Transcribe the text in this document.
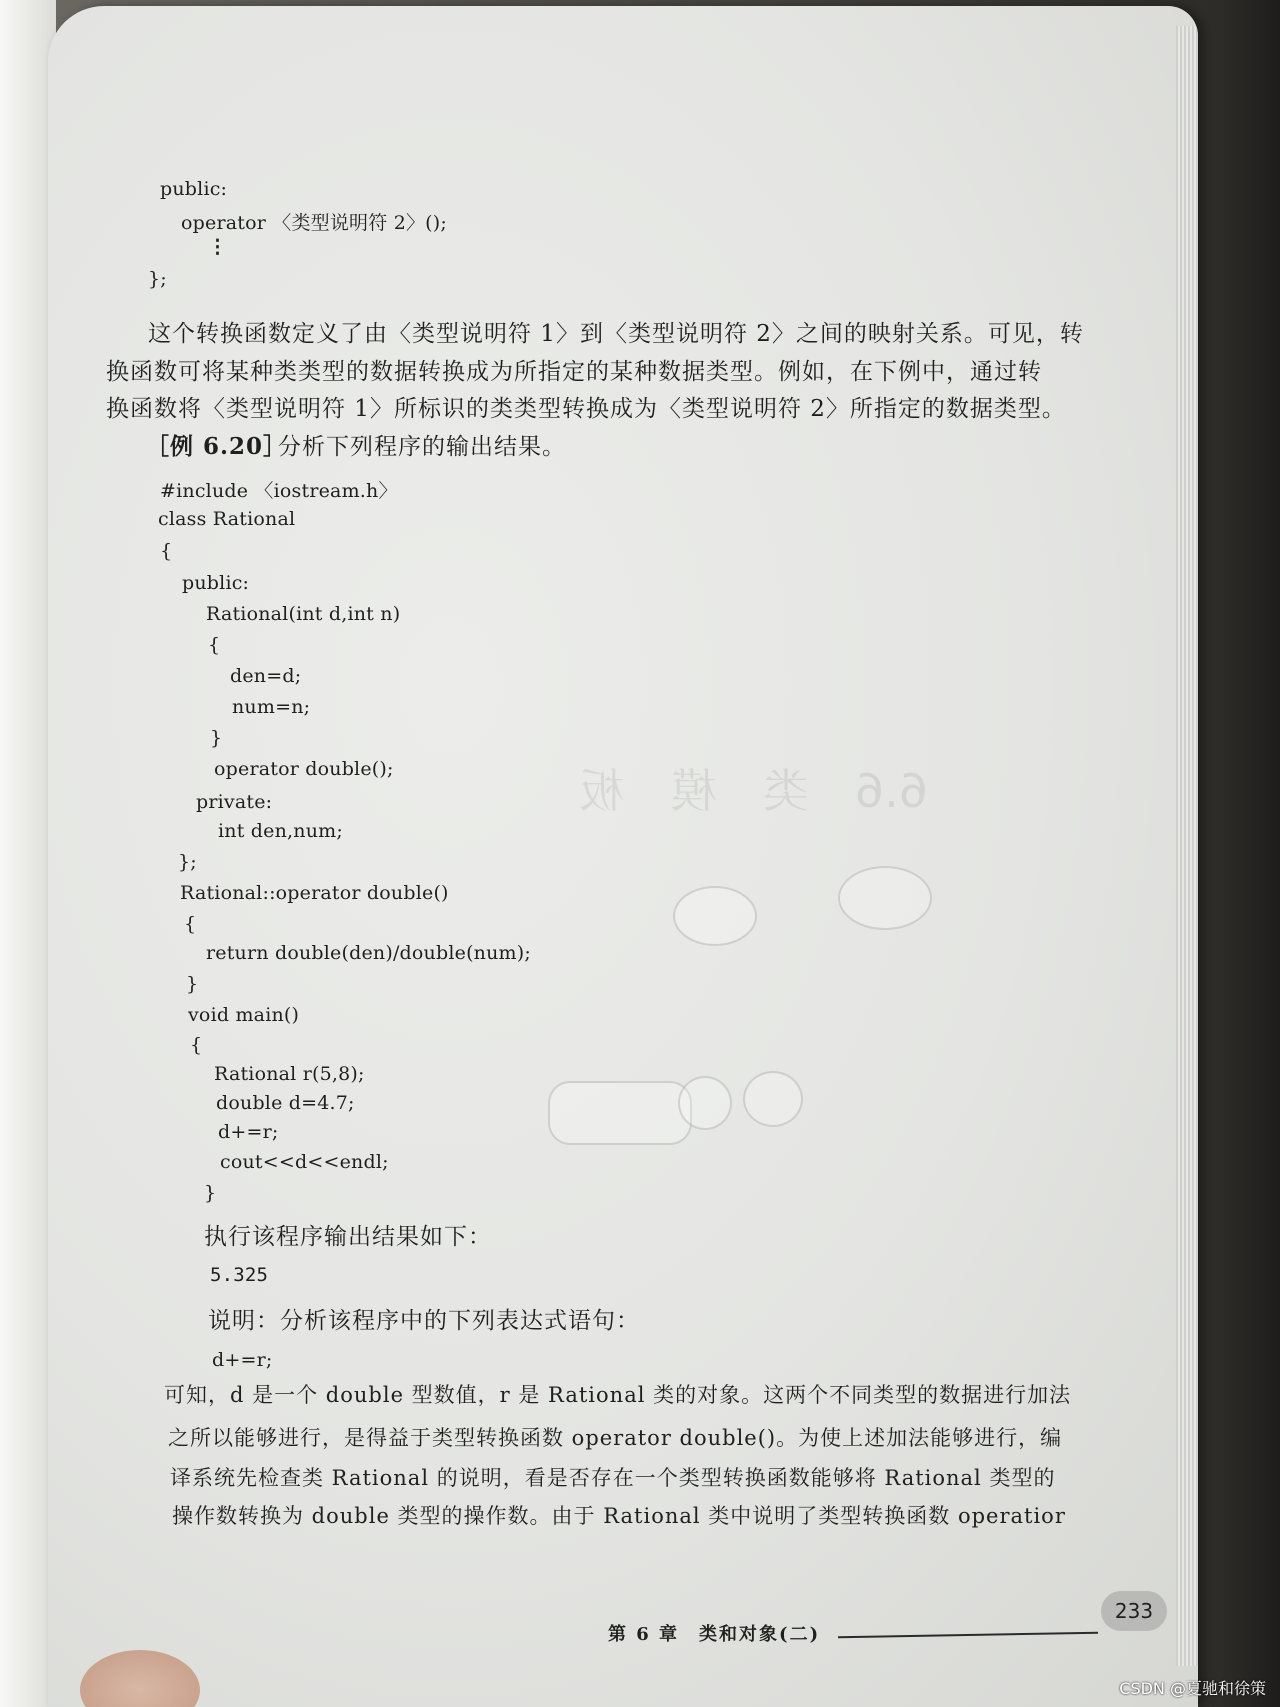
6.6　类　模　板

public:
operator 〈类型说明符 2〉();
⋮
};
这个转换函数定义了由〈类型说明符 1〉到〈类型说明符 2〉之间的映射关系。可见，转
换函数可将某种类类型的数据转换成为所指定的某种数据类型。例如，在下例中，通过转
换函数将〈类型说明符 1〉所标识的类类型转换成为〈类型说明符 2〉所指定的数据类型。
［例 6.20］
分析下列程序的输出结果。
#include 〈iostream.h〉
class Rational
{
public:
Rational(int d,int n)
{
den=d;
num=n;
}
operator double();
private:
int den,num;
};
Rational::operator double()
{
return double(den)/double(num);
}
void main()
{
Rational r(5,8);
double d=4.7;
d+=r;
cout<<d<<endl;
}
执行该程序输出结果如下：
5.325
说明：分析该程序中的下列表达式语句：
d+=r;
可知，d 是一个 double 型数值，r 是 Rational 类的对象。这两个不同类型的数据进行加法
之所以能够进行，是得益于类型转换函数 operator double()。为使上述加法能够进行，编
译系统先检查类 Rational 的说明，看是否存在一个类型转换函数能够将 Rational 类型的
操作数转换为 double 类型的操作数。由于 Rational 类中说明了类型转换函数 operatior
第 6 章　类和对象(二)
233
CSDN @夏驰和徐策
